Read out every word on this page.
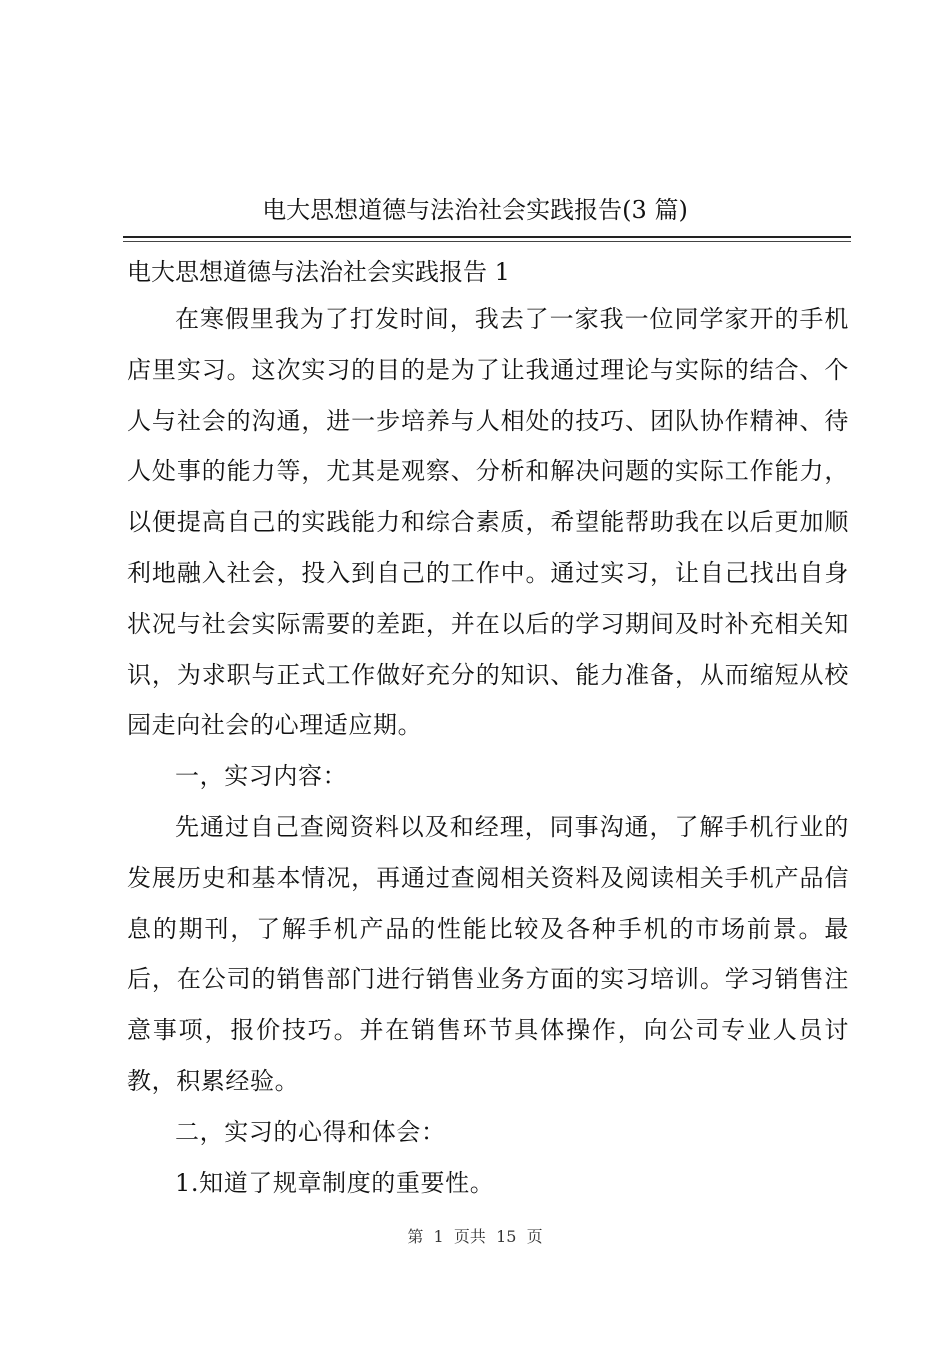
电大思想道德与法治社会实践报告(3 篇)
电大思想道德与法治社会实践报告 1

在寒假里我为了打发时间，我去了一家我一位同学家开的手机店里实习。这次实习的目的是为了让我通过理论与实际的结合、个人与社会的沟通，进一步培养与人相处的技巧、团队协作精神、待人处事的能力等，尤其是观察、分析和解决问题的实际工作能力，以便提高自己的实践能力和综合素质，希望能帮助我在以后更加顺利地融入社会，投入到自己的工作中。通过实习，让自己找出自身状况与社会实际需要的差距，并在以后的学习期间及时补充相关知识，为求职与正式工作做好充分的知识、能力准备，从而缩短从校园走向社会的心理适应期。

一，实习内容：

先通过自己查阅资料以及和经理，同事沟通，了解手机行业的发展历史和基本情况，再通过查阅相关资料及阅读相关手机产品信息的期刊，了解手机产品的性能比较及各种手机的市场前景。最后，在公司的销售部门进行销售业务方面的实习培训。学习销售注意事项，报价技巧。并在销售环节具体操作，向公司专业人员讨教，积累经验。

二，实习的心得和体会：

1.知道了规章制度的重要性。

第  1  页共  15  页
